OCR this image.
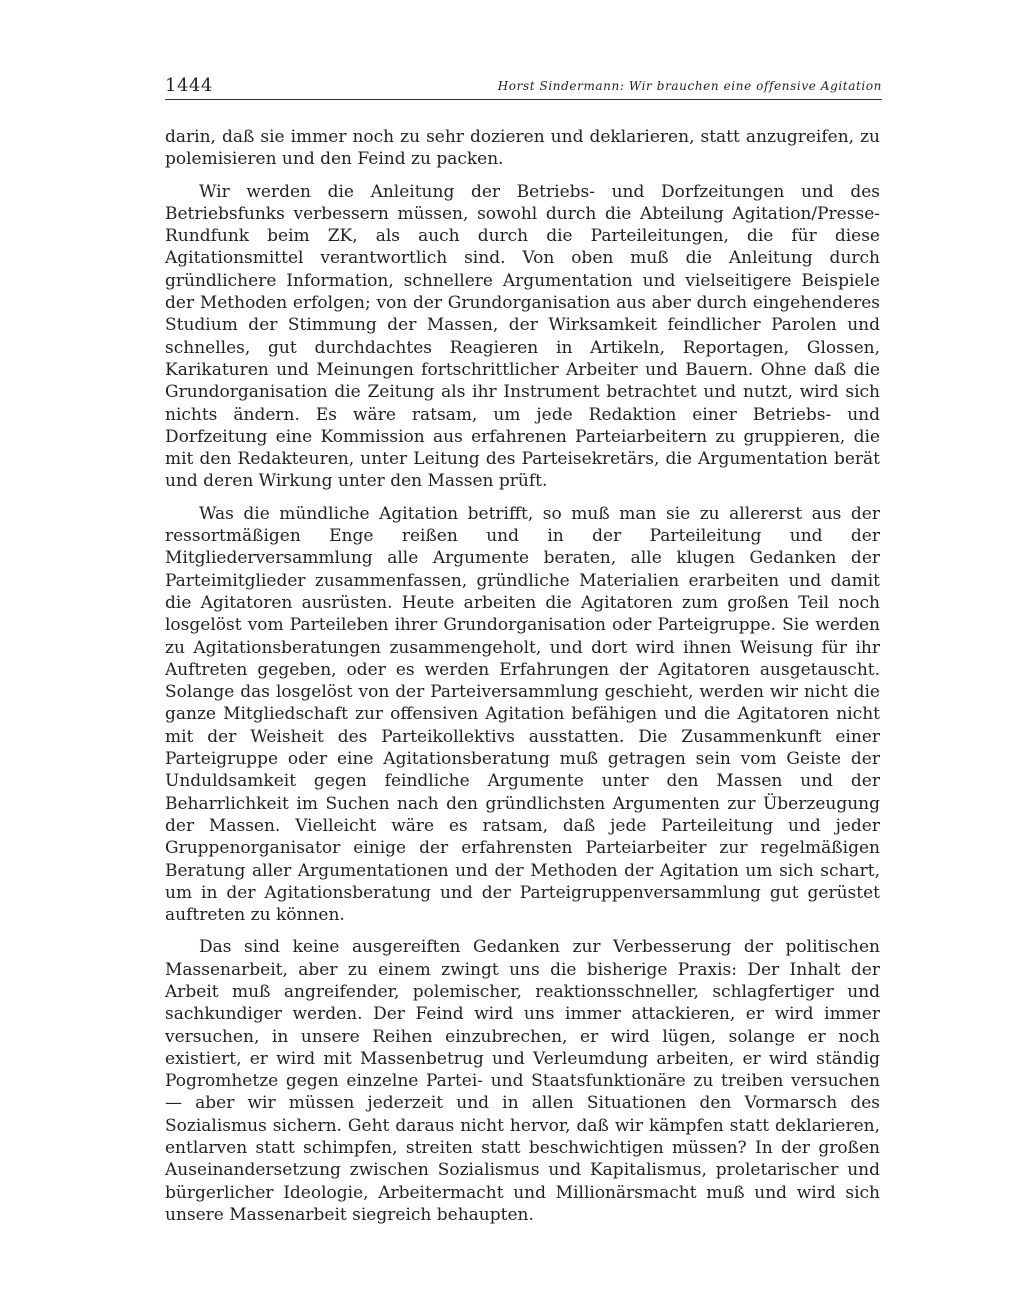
1444	Horst Sindermann: Wir brauchen eine offensive Agitation

darin, daß sie immer noch zu sehr dozieren und deklarieren, statt anzugreifen, zu polemisieren und den Feind zu packen.

Wir werden die Anleitung der Betriebs- und Dorfzeitungen und des Betriebsfunks verbessern müssen, sowohl durch die Abteilung Agitation/Presse-Rundfunk beim ZK, als auch durch die Parteileitungen, die für diese Agitationsmittel verantwortlich sind. Von oben muß die Anleitung durch gründlichere Information, schnellere Argumentation und vielseitigere Beispiele der Methoden erfolgen; von der Grundorganisation aus aber durch eingehenderes Studium der Stimmung der Massen, der Wirksamkeit feindlicher Parolen und schnelles, gut durchdachtes Reagieren in Artikeln, Reportagen, Glossen, Karikaturen und Meinungen fortschrittlicher Arbeiter und Bauern. Ohne daß die Grundorganisation die Zeitung als ihr Instrument betrachtet und nutzt, wird sich nichts ändern. Es wäre ratsam, um jede Redaktion einer Betriebs- und Dorfzeitung eine Kommission aus erfahrenen Parteiarbeitern zu gruppieren, die mit den Redakteuren, unter Leitung des Parteisekretärs, die Argumentation berät und deren Wirkung unter den Massen prüft.

Was die mündliche Agitation betrifft, so muß man sie zu allererst aus der ressortmäßigen Enge reißen und in der Parteileitung und der Mitgliederversammlung alle Argumente beraten, alle klugen Gedanken der Parteimitglieder zusammenfassen, gründliche Materialien erarbeiten und damit die Agitatoren ausrüsten. Heute arbeiten die Agitatoren zum großen Teil noch losgelöst vom Parteileben ihrer Grundorganisation oder Parteigruppe. Sie werden zu Agitationsberatungen zusammengeholt, und dort wird ihnen Weisung für ihr Auftreten gegeben, oder es werden Erfahrungen der Agitatoren ausgetauscht. Solange das losgelöst von der Parteiversammlung geschieht, werden wir nicht die ganze Mitgliedschaft zur offensiven Agitation befähigen und die Agitatoren nicht mit der Weisheit des Parteikollektivs ausstatten. Die Zusammenkunft einer Parteigruppe oder eine Agitationsberatung muß getragen sein vom Geiste der Unduldsamkeit gegen feindliche Argumente unter den Massen und der Beharrlichkeit im Suchen nach den gründlichsten Argumenten zur Überzeugung der Massen. Vielleicht wäre es ratsam, daß jede Parteileitung und jeder Gruppenorganisator einige der erfahrensten Parteiarbeiter zur regelmäßigen Beratung aller Argumentationen und der Methoden der Agitation um sich schart, um in der Agitationsberatung und der Parteigruppenversammlung gut gerüstet auftreten zu können.

Das sind keine ausgereiften Gedanken zur Verbesserung der politischen Massenarbeit, aber zu einem zwingt uns die bisherige Praxis: Der Inhalt der Arbeit muß angreifender, polemischer, reaktionsschneller, schlagfertiger und sachkundiger werden. Der Feind wird uns immer attackieren, er wird immer versuchen, in unsere Reihen einzubrechen, er wird lügen, solange er noch existiert, er wird mit Massenbetrug und Verleumdung arbeiten, er wird ständig Pogromhetze gegen einzelne Partei- und Staatsfunktionäre zu treiben versuchen — aber wir müssen jederzeit und in allen Situationen den Vormarsch des Sozialismus sichern. Geht daraus nicht hervor, daß wir kämpfen statt deklarieren, entlarven statt schimpfen, streiten statt beschwichtigen müssen? In der großen Auseinandersetzung zwischen Sozialismus und Kapitalismus, proletarischer und bürgerlicher Ideologie, Arbeitermacht und Millionärsmacht muß und wird sich unsere Massenarbeit siegreich behaupten.
